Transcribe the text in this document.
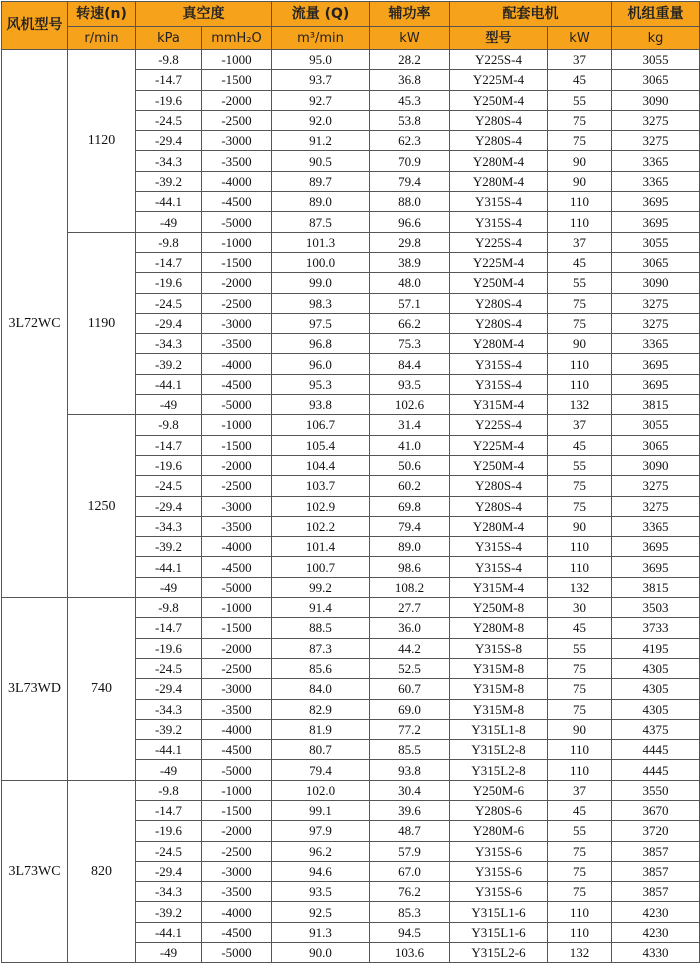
风机型号	转速(n)	真空度		流量 (Q)	辅功率	配套电机		机组重量
	r/min	kPa	mmH₂O	m³/min	kW	型号	kW	kg
3L72WC	1120	-9.8	-1000	95.0	28.2	Y225S-4	37	3055
		-14.7	-1500	93.7	36.8	Y225M-4	45	3065
		-19.6	-2000	92.7	45.3	Y250M-4	55	3090
		-24.5	-2500	92.0	53.8	Y280S-4	75	3275
		-29.4	-3000	91.2	62.3	Y280S-4	75	3275
		-34.3	-3500	90.5	70.9	Y280M-4	90	3365
		-39.2	-4000	89.7	79.4	Y280M-4	90	3365
		-44.1	-4500	89.0	88.0	Y315S-4	110	3695
		-49	-5000	87.5	96.6	Y315S-4	110	3695
	1190	-9.8	-1000	101.3	29.8	Y225S-4	37	3055
		-14.7	-1500	100.0	38.9	Y225M-4	45	3065
		-19.6	-2000	99.0	48.0	Y250M-4	55	3090
		-24.5	-2500	98.3	57.1	Y280S-4	75	3275
		-29.4	-3000	97.5	66.2	Y280S-4	75	3275
		-34.3	-3500	96.8	75.3	Y280M-4	90	3365
		-39.2	-4000	96.0	84.4	Y315S-4	110	3695
		-44.1	-4500	95.3	93.5	Y315S-4	110	3695
		-49	-5000	93.8	102.6	Y315M-4	132	3815
	1250	-9.8	-1000	106.7	31.4	Y225S-4	37	3055
		-14.7	-1500	105.4	41.0	Y225M-4	45	3065
		-19.6	-2000	104.4	50.6	Y250M-4	55	3090
		-24.5	-2500	103.7	60.2	Y280S-4	75	3275
		-29.4	-3000	102.9	69.8	Y280S-4	75	3275
		-34.3	-3500	102.2	79.4	Y280M-4	90	3365
		-39.2	-4000	101.4	89.0	Y315S-4	110	3695
		-44.1	-4500	100.7	98.6	Y315S-4	110	3695
		-49	-5000	99.2	108.2	Y315M-4	132	3815
3L73WD	740	-9.8	-1000	91.4	27.7	Y250M-8	30	3503
		-14.7	-1500	88.5	36.0	Y280M-8	45	3733
		-19.6	-2000	87.3	44.2	Y315S-8	55	4195
		-24.5	-2500	85.6	52.5	Y315M-8	75	4305
		-29.4	-3000	84.0	60.7	Y315M-8	75	4305
		-34.3	-3500	82.9	69.0	Y315M-8	75	4305
		-39.2	-4000	81.9	77.2	Y315L1-8	90	4375
		-44.1	-4500	80.7	85.5	Y315L2-8	110	4445
		-49	-5000	79.4	93.8	Y315L2-8	110	4445
3L73WC	820	-9.8	-1000	102.0	30.4	Y250M-6	37	3550
		-14.7	-1500	99.1	39.6	Y280S-6	45	3670
		-19.6	-2000	97.9	48.7	Y280M-6	55	3720
		-24.5	-2500	96.2	57.9	Y315S-6	75	3857
		-29.4	-3000	94.6	67.0	Y315S-6	75	3857
		-34.3	-3500	93.5	76.2	Y315S-6	75	3857
		-39.2	-4000	92.5	85.3	Y315L1-6	110	4230
		-44.1	-4500	91.3	94.5	Y315L1-6	110	4230
		-49	-5000	90.0	103.6	Y315L2-6	132	4330
